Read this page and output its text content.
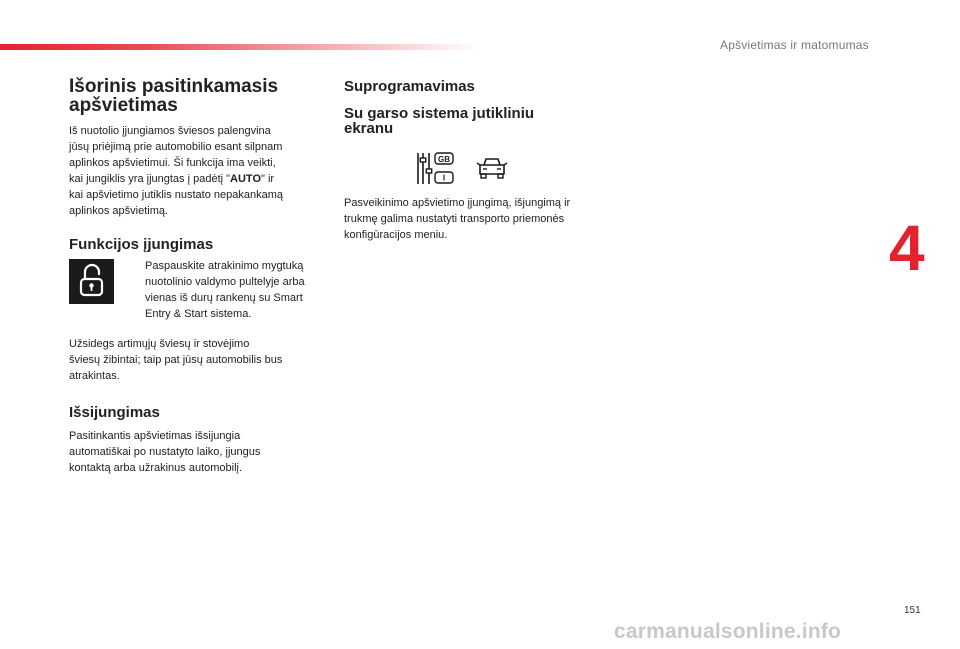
Apšvietimas ir matomumas
4
Išorinis pasitinkamasis
apšvietimas
Iš nuotolio įjungiamos šviesos palengvina
jūsų priėjimą prie automobilio esant silpnam
aplinkos apšvietimui. Ši funkcija ima veikti,
kai jungiklis yra įjungtas į padėtį "AUTO" ir
kai apšvietimo jutiklis nustato nepakankamą
aplinkos apšvietimą.
Funkcijos įjungimas
Paspauskite atrakinimo mygtuką
nuotolinio valdymo pultelyje arba
vienas iš durų rankenų su Smart
Entry & Start sistema.
Užsidegs artimųjų šviesų ir stovėjimo
šviesų žibintai; taip pat jūsų automobilis bus
atrakintas.
Išsijungimas
Pasitinkantis apšvietimas išsijungia
automatiškai po nustatyto laiko, įjungus
kontaktą arba užrakinus automobilį.
Suprogramavimas
Su garso sistema jutikliniu
ekranu
GB
I
Pasveikinimo apšvietimo įjungimą, išjungimą ir
trukmę galima nustatyti transporto priemonės
konfigūracijos meniu.
151
carmanualsonline.info
